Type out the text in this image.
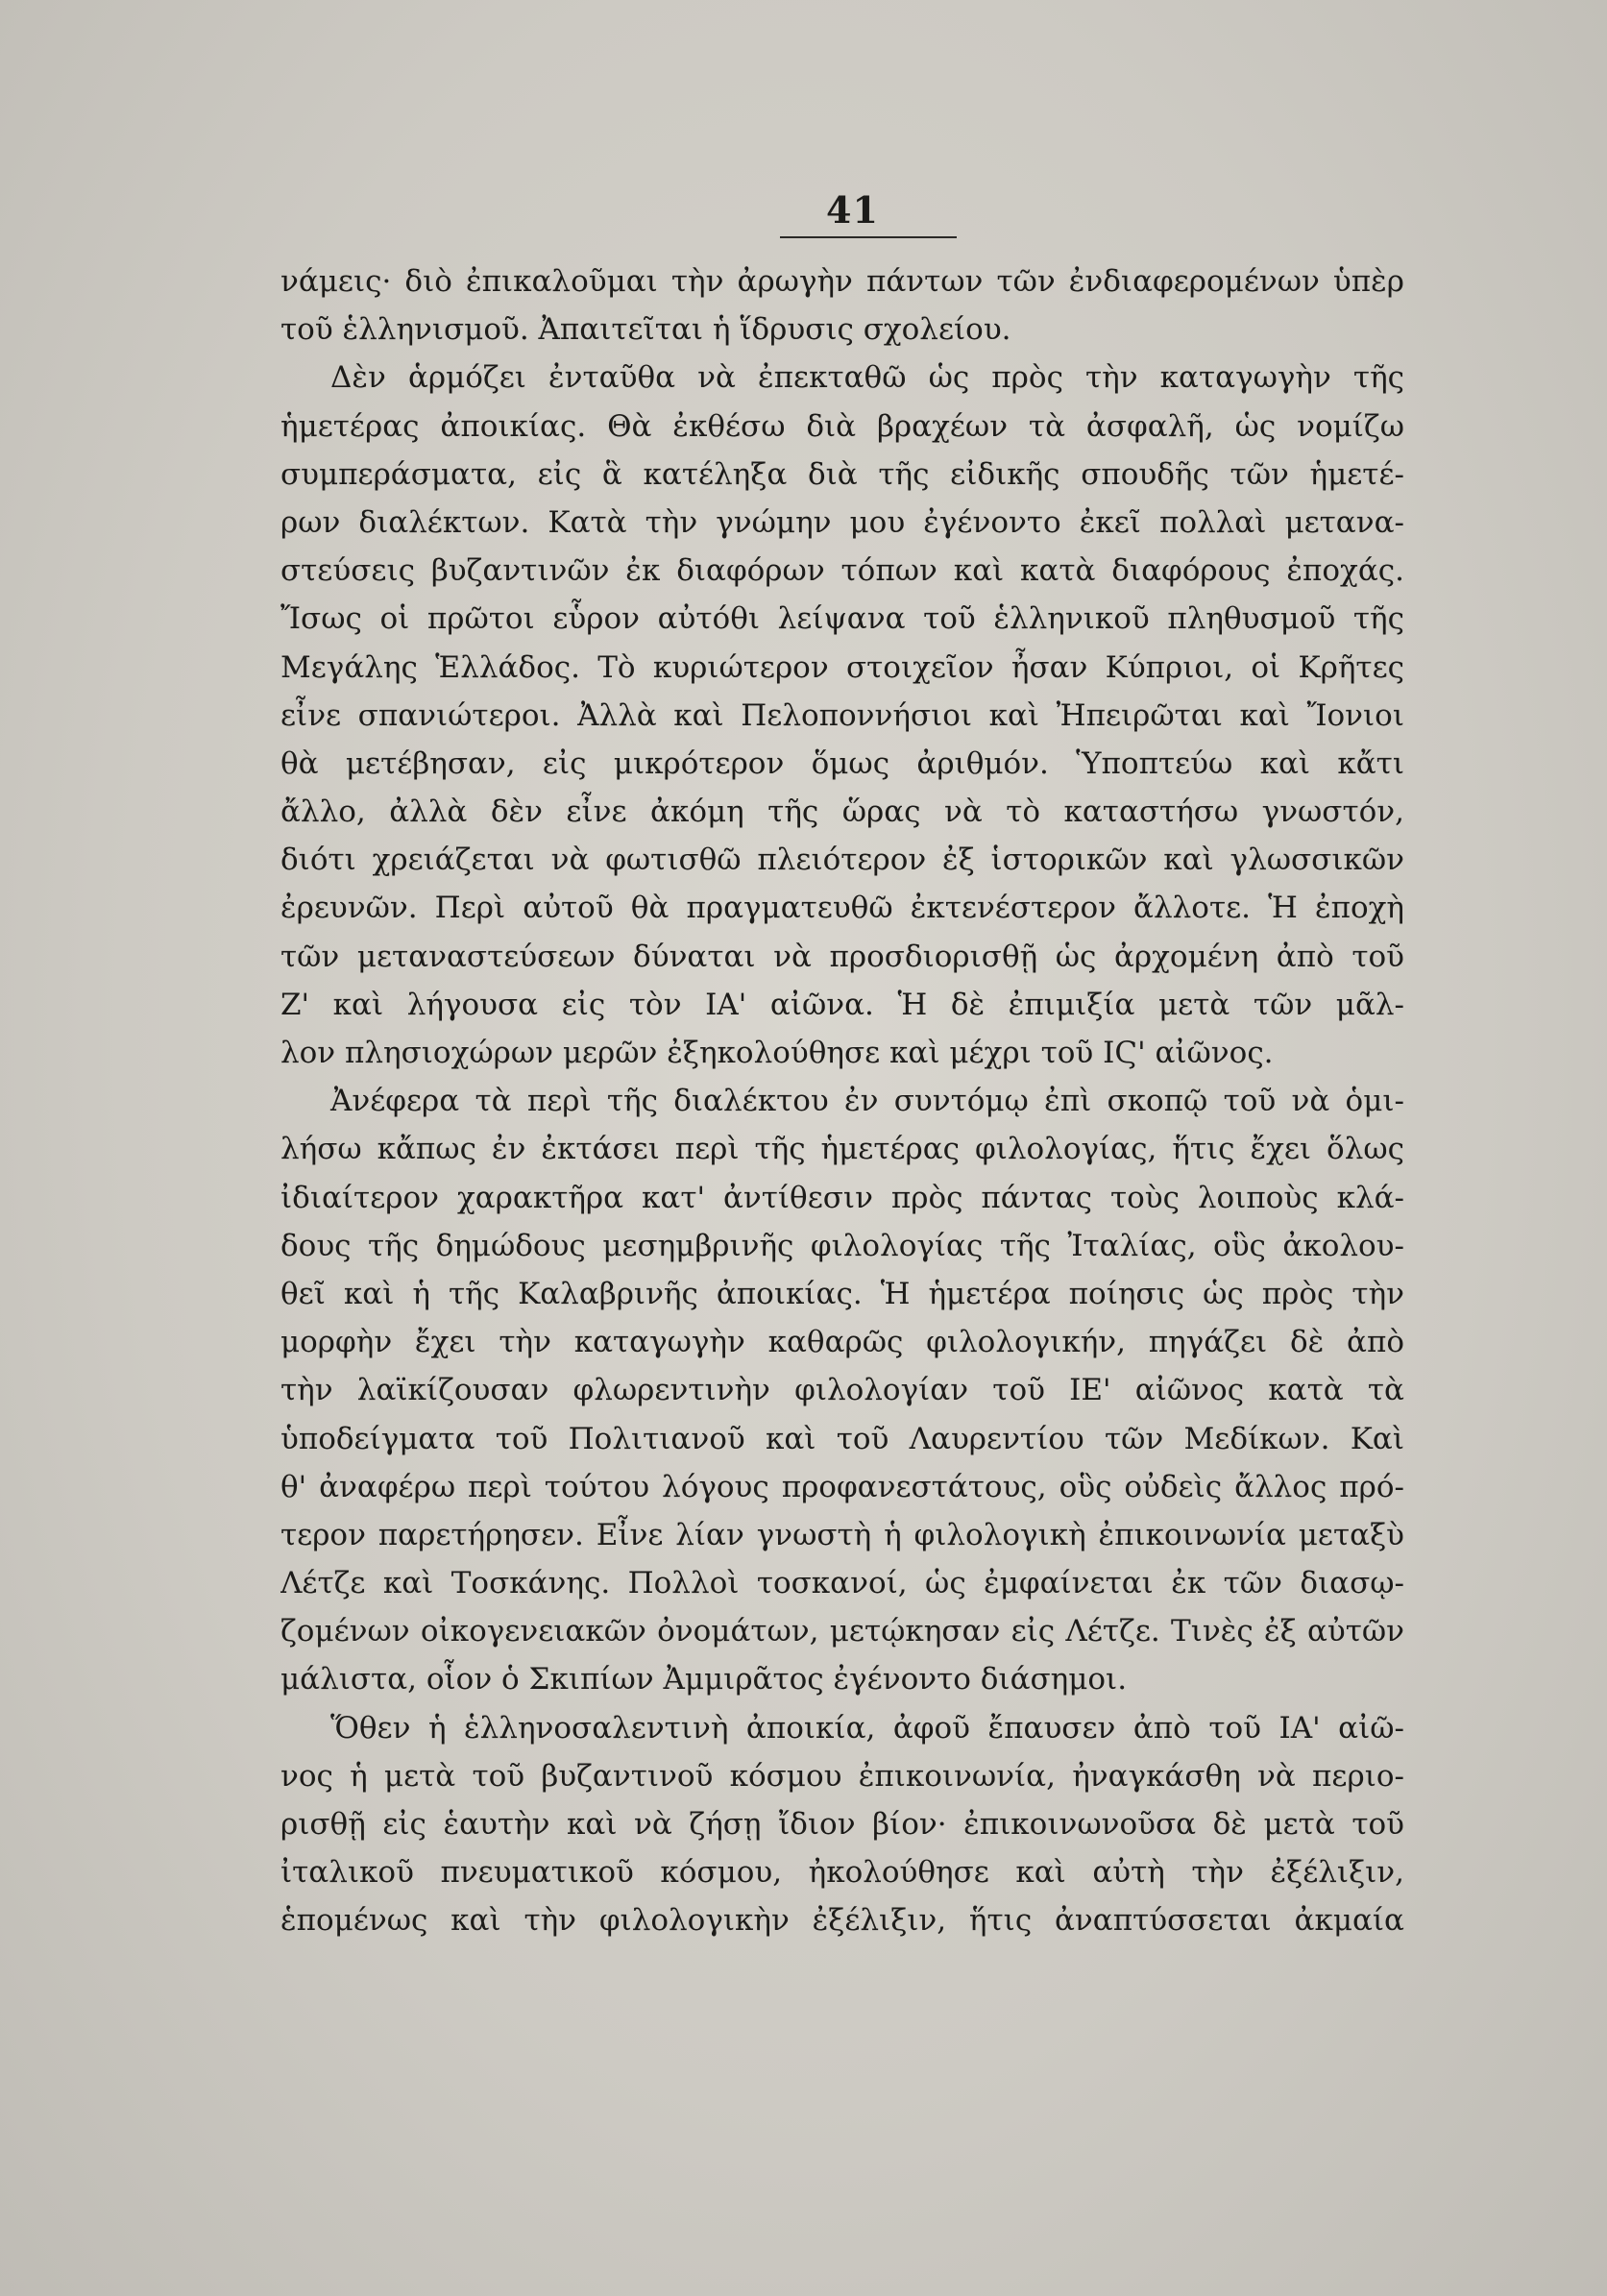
41
νάμεις· διὸ ἐπικαλοῦμαι τὴν ἀρωγὴν πάντων τῶν ἐνδιαφερομένων ὑπὲρ
τοῦ ἑλληνισμοῦ. Ἀπαιτεῖται ἡ ἵδρυσις σχολείου.
Δὲν ἁρμόζει ἐνταῦθα νὰ ἐπεκταθῶ ὡς πρὸς τὴν καταγωγὴν τῆς
ἡμετέρας ἀποικίας. Θὰ ἐκθέσω διὰ βραχέων τὰ ἀσφαλῆ, ὡς νομίζω
συμπεράσματα, εἰς ἃ κατέληξα διὰ τῆς εἰδικῆς σπουδῆς τῶν ἡμετέ-
ρων διαλέκτων. Κατὰ τὴν γνώμην μου ἐγένοντο ἐκεῖ πολλαὶ μετανα-
στεύσεις βυζαντινῶν ἐκ διαφόρων τόπων καὶ κατὰ διαφόρους ἐποχάς.
Ἴσως οἱ πρῶτοι εὗρον αὐτόθι λείψανα τοῦ ἑλληνικοῦ πληθυσμοῦ τῆς
Μεγάλης Ἑλλάδος. Τὸ κυριώτερον στοιχεῖον ἦσαν Κύπριοι, οἱ Κρῆτες
εἶνε σπανιώτεροι. Ἀλλὰ καὶ Πελοποννήσιοι καὶ Ἠπειρῶται καὶ Ἴονιοι
θὰ μετέβησαν, εἰς μικρότερον ὅμως ἀριθμόν. Ὑποπτεύω καὶ κἄτι
ἄλλο, ἀλλὰ δὲν εἶνε ἀκόμη τῆς ὥρας νὰ τὸ καταστήσω γνωστόν,
διότι χρειάζεται νὰ φωτισθῶ πλειότερον ἐξ ἱστορικῶν καὶ γλωσσικῶν
ἐρευνῶν. Περὶ αὐτοῦ θὰ πραγματευθῶ ἐκτενέστερον ἄλλοτε. Ἡ ἐποχὴ
τῶν μεταναστεύσεων δύναται νὰ προσδιορισθῇ ὡς ἀρχομένη ἀπὸ τοῦ
Ζ' καὶ λήγουσα εἰς τὸν ΙΑ' αἰῶνα. Ἡ δὲ ἐπιμιξία μετὰ τῶν μᾶλ-
λον πλησιοχώρων μερῶν ἐξηκολούθησε καὶ μέχρι τοῦ ΙϚ' αἰῶνος.
Ἀνέφερα τὰ περὶ τῆς διαλέκτου ἐν συντόμῳ ἐπὶ σκοπῷ τοῦ νὰ ὁμι-
λήσω κἄπως ἐν ἐκτάσει περὶ τῆς ἡμετέρας φιλολογίας, ἥτις ἔχει ὅλως
ἰδιαίτερον χαρακτῆρα κατ' ἀντίθεσιν πρὸς πάντας τοὺς λοιποὺς κλά-
δους τῆς δημώδους μεσημβρινῆς φιλολογίας τῆς Ἰταλίας, οὓς ἀκολου-
θεῖ καὶ ἡ τῆς Καλαβρινῆς ἀποικίας. Ἡ ἡμετέρα ποίησις ὡς πρὸς τὴν
μορφὴν ἔχει τὴν καταγωγὴν καθαρῶς φιλολογικήν, πηγάζει δὲ ἀπὸ
τὴν λαϊκίζουσαν φλωρεντινὴν φιλολογίαν τοῦ ΙΕ' αἰῶνος κατὰ τὰ
ὑποδείγματα τοῦ Πολιτιανοῦ καὶ τοῦ Λαυρεντίου τῶν Μεδίκων. Καὶ
θ' ἀναφέρω περὶ τούτου λόγους προφανεστάτους, οὓς οὐδεὶς ἄλλος πρό-
τερον παρετήρησεν. Εἶνε λίαν γνωστὴ ἡ φιλολογικὴ ἐπικοινωνία μεταξὺ
Λέτζε καὶ Τοσκάνης. Πολλοὶ τοσκανοί, ὡς ἐμφαίνεται ἐκ τῶν διασῳ-
ζομένων οἰκογενειακῶν ὀνομάτων, μετῴκησαν εἰς Λέτζε. Τινὲς ἐξ αὐτῶν
μάλιστα, οἷον ὁ Σκιπίων Ἀμμιρᾶτος ἐγένοντο διάσημοι.
Ὅθεν ἡ ἑλληνοσαλεντινὴ ἀποικία, ἀφοῦ ἔπαυσεν ἀπὸ τοῦ ΙΑ' αἰῶ-
νος ἡ μετὰ τοῦ βυζαντινοῦ κόσμου ἐπικοινωνία, ἠναγκάσθη νὰ περιο-
ρισθῇ εἰς ἑαυτὴν καὶ νὰ ζήσῃ ἴδιον βίον· ἐπικοινωνοῦσα δὲ μετὰ τοῦ
ἰταλικοῦ πνευματικοῦ κόσμου, ἠκολούθησε καὶ αὐτὴ τὴν ἐξέλιξιν,
ἑπομένως καὶ τὴν φιλολογικὴν ἐξέλιξιν, ἥτις ἀναπτύσσεται ἀκμαία
